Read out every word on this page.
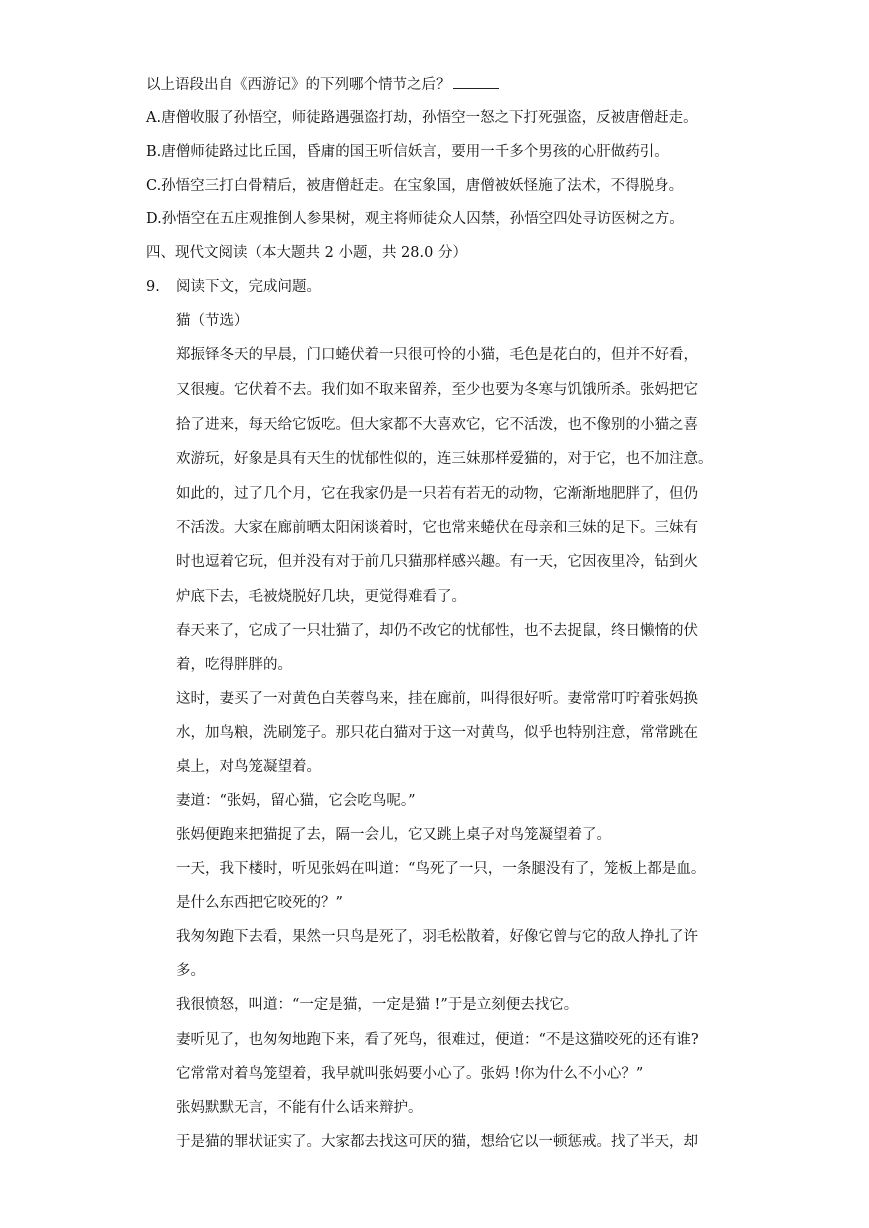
以上语段出自《西游记》的下列哪个情节之后？
A.唐僧收服了孙悟空，师徒路遇强盗打劫，孙悟空一怒之下打死强盗，反被唐僧赶走。
B.唐僧师徒路过比丘国，昏庸的国王听信妖言，要用一千多个男孩的心肝做药引。
C.孙悟空三打白骨精后，被唐僧赶走。在宝象国，唐僧被妖怪施了法术，不得脱身。
D.孙悟空在五庄观推倒人参果树，观主将师徒众人囚禁，孙悟空四处寻访医树之方。
四、现代文阅读（本大题共 2 小题，共 28.0 分）
9. 阅读下文，完成问题。
猫（节选）
郑振铎冬天的早晨，门口蜷伏着一只很可怜的小猫，毛色是花白的，但并不好看，
又很瘦。它伏着不去。我们如不取来留养，至少也要为冬寒与饥饿所杀。张妈把它
拾了进来，每天给它饭吃。但大家都不大喜欢它，它不活泼，也不像别的小猫之喜
欢游玩，好象是具有天生的忧郁性似的，连三妹那样爱猫的，对于它，也不加注意。
如此的，过了几个月，它在我家仍是一只若有若无的动物，它渐渐地肥胖了，但仍
不活泼。大家在廊前晒太阳闲谈着时，它也常来蜷伏在母亲和三妹的足下。三妹有
时也逗着它玩，但并没有对于前几只猫那样感兴趣。有一天，它因夜里冷，钻到火
炉底下去，毛被烧脱好几块，更觉得难看了。
春天来了，它成了一只壮猫了，却仍不改它的忧郁性，也不去捉鼠，终日懒惰的伏
着，吃得胖胖的。
这时，妻买了一对黄色白芙蓉鸟来，挂在廊前，叫得很好听。妻常常叮咛着张妈换
水，加鸟粮，洗刷笼子。那只花白猫对于这一对黄鸟，似乎也特别注意，常常跳在
桌上，对鸟笼凝望着。
妻道：“张妈，留心猫，它会吃鸟呢。”
张妈便跑来把猫捉了去，隔一会儿，它又跳上桌子对鸟笼凝望着了。
一天，我下楼时，听见张妈在叫道：“鸟死了一只，一条腿没有了，笼板上都是血。
是什么东西把它咬死的？”
我匆匆跑下去看，果然一只鸟是死了，羽毛松散着，好像它曾与它的敌人挣扎了许
多。
我很愤怒，叫道：“一定是猫，一定是猫 !”于是立刻便去找它。
妻听见了，也匆匆地跑下来，看了死鸟，很难过，便道：“不是这猫咬死的还有谁?
它常常对着鸟笼望着，我早就叫张妈要小心了。张妈 !你为什么不小心？”
张妈默默无言，不能有什么话来辩护。
于是猫的罪状证实了。大家都去找这可厌的猫，想给它以一顿惩戒。找了半天，却
